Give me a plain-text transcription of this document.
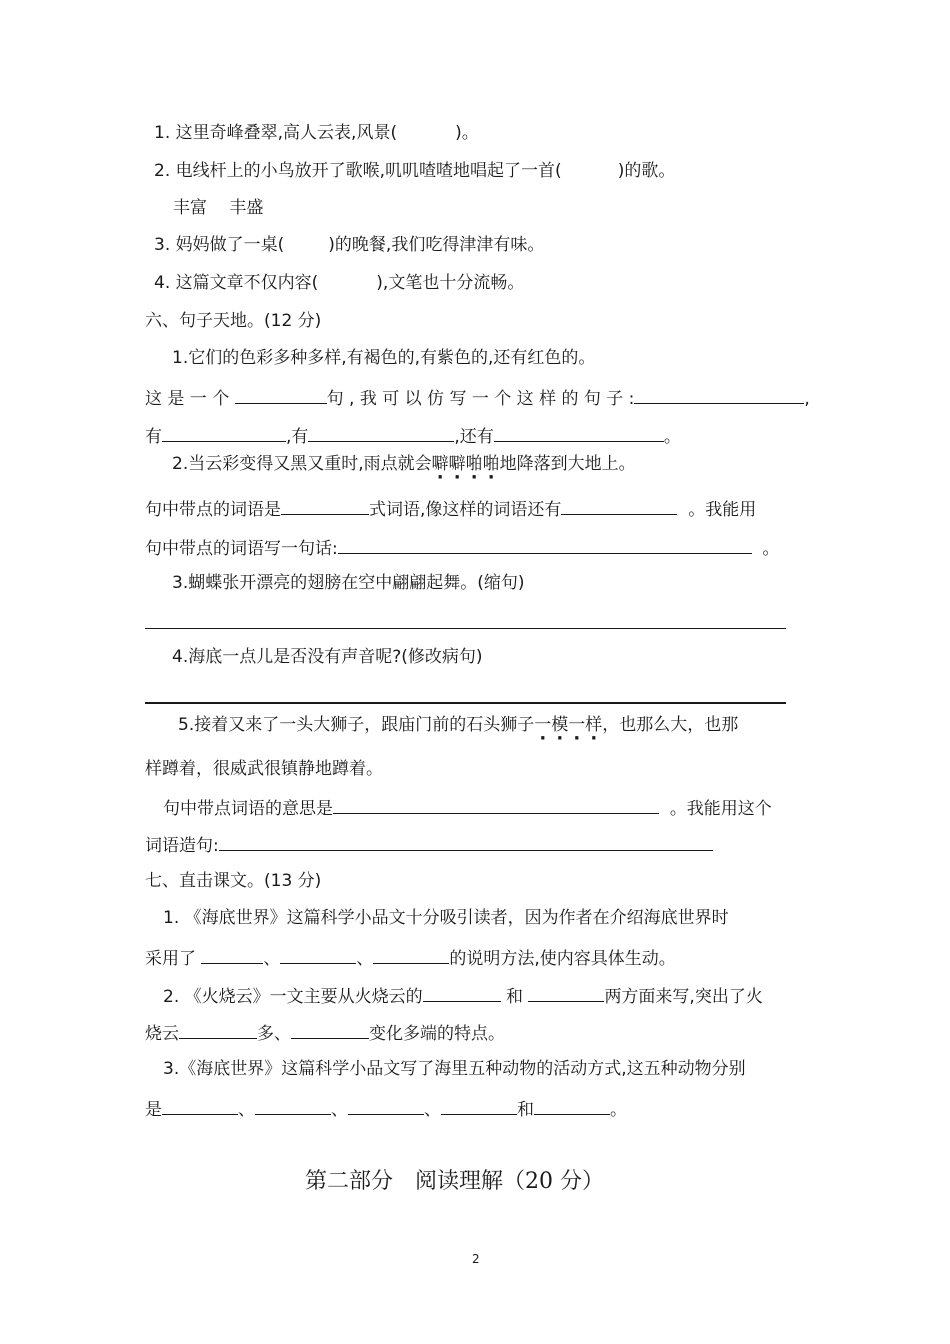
1. 这里奇峰叠翠,高人云表,风景(	)。
2. 电线杆上的小鸟放开了歌喉,叽叽喳喳地唱起了一首(	)的歌。
丰富　 丰盛
3. 妈妈做了一桌(	)的晚餐,我们吃得津津有味。
4. 这篇文章不仅内容(	),文笔也十分流畅。
六、句子天地。(12 分)
1.它们的色彩多种多样,有褐色的,有紫色的,还有红色的。
这 是 一 个	句 , 我 可 以 仿 写 一 个 这 样 的 句 子 :	,
有	,有	,还有	。
2.当云彩变得又黑又重时,雨点就会噼噼啪啪地降落到大地上。
句中带点的词语是	式词语,像这样的词语还有	。我能用
句中带点的词语写一句话:	。
3.蝴蝶张开漂亮的翅膀在空中翩翩起舞。(缩句)
4.海底一点儿是否没有声音呢?(修改病句)
5.接着又来了一头大狮子，跟庙门前的石头狮子一模一样，也那么大，也那
样蹲着，很威武很镇静地蹲着。
句中带点词语的意思是	。我能用这个
词语造句:
七、直击课文。(13 分)
1. 《海底世界》这篇科学小品文十分吸引读者，因为作者在介绍海底世界时
采用了	、	、	的说明方法,使内容具体生动。
2. 《火烧云》一文主要从火烧云的	和	两方面来写,突出了火
烧云	多、	变化多端的特点。
3.《海底世界》这篇科学小品文写了海里五种动物的活动方式,这五种动物分别
是	、	、	、	和	。
第二部分　阅读理解（20 分）
2
